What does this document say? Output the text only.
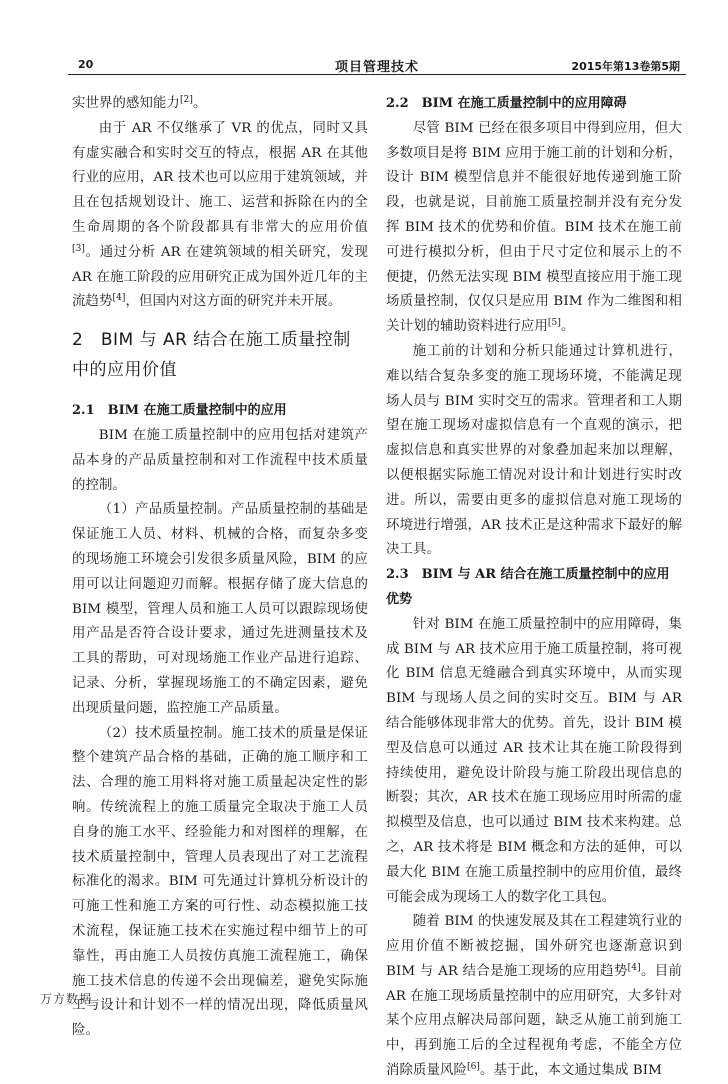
20	项目管理技术	2015年第13卷第5期

实世界的感知能力[2]。

由于 AR 不仅继承了 VR 的优点，同时又具有虚实融合和实时交互的特点，根据 AR 在其他行业的应用，AR 技术也可以应用于建筑领域，并且在包括规划设计、施工、运营和拆除在内的全生命周期的各个阶段都具有非常大的应用价值[3]。通过分析 AR 在建筑领域的相关研究，发现 AR 在施工阶段的应用研究正成为国外近几年的主流趋势[4]，但国内对这方面的研究并未开展。

2　BIM 与 AR 结合在施工质量控制中的应用价值
2.1　BIM 在施工质量控制中的应用

BIM 在施工质量控制中的应用包括对建筑产品本身的产品质量控制和对工作流程中技术质量的控制。

（1）产品质量控制。产品质量控制的基础是保证施工人员、材料、机械的合格，而复杂多变的现场施工环境会引发很多质量风险，BIM 的应用可以让问题迎刃而解。根据存储了庞大信息的 BIM 模型，管理人员和施工人员可以跟踪现场使用产品是否符合设计要求，通过先进测量技术及工具的帮助，可对现场施工作业产品进行追踪、记录、分析，掌握现场施工的不确定因素，避免出现质量问题，监控施工产品质量。

（2）技术质量控制。施工技术的质量是保证整个建筑产品合格的基础，正确的施工顺序和工法、合理的施工用料将对施工质量起决定性的影响。传统流程上的施工质量完全取决于施工人员自身的施工水平、经验能力和对图样的理解，在技术质量控制中，管理人员表现出了对工艺流程标准化的渴求。BIM 可先通过计算机分析设计的可施工性和施工方案的可行性、动态模拟施工技术流程，保证施工技术在实施过程中细节上的可靠性，再由施工人员按仿真施工流程施工，确保施工技术信息的传递不会出现偏差，避免实际施工与设计和计划不一样的情况出现，降低质量风险。

2.2　BIM 在施工质量控制中的应用障碍

尽管 BIM 已经在很多项目中得到应用，但大多数项目是将 BIM 应用于施工前的计划和分析，设计 BIM 模型信息并不能很好地传递到施工阶段，也就是说，目前施工质量控制并没有充分发挥 BIM 技术的优势和价值。BIM 技术在施工前可进行模拟分析，但由于尺寸定位和展示上的不便捷，仍然无法实现 BIM 模型直接应用于施工现场质量控制，仅仅只是应用 BIM 作为二维图和相关计划的辅助资料进行应用[5]。

施工前的计划和分析只能通过计算机进行，难以结合复杂多变的施工现场环境，不能满足现场人员与 BIM 实时交互的需求。管理者和工人期望在施工现场对虚拟信息有一个直观的演示，把虚拟信息和真实世界的对象叠加起来加以理解，以便根据实际施工情况对设计和计划进行实时改进。所以，需要由更多的虚拟信息对施工现场的环境进行增强，AR 技术正是这种需求下最好的解决工具。

2.3　BIM 与 AR 结合在施工质量控制中的应用优势

针对 BIM 在施工质量控制中的应用障碍，集成 BIM 与 AR 技术应用于施工质量控制，将可视化 BIM 信息无缝融合到真实环境中，从而实现 BIM 与现场人员之间的实时交互。BIM 与 AR 结合能够体现非常大的优势。首先，设计 BIM 模型及信息可以通过 AR 技术让其在施工阶段得到持续使用，避免设计阶段与施工阶段出现信息的断裂；其次，AR 技术在施工现场应用时所需的虚拟模型及信息，也可以通过 BIM 技术来构建。总之，AR 技术将是 BIM 概念和方法的延伸，可以最大化 BIM 在施工质量控制中的应用价值，最终可能会成为现场工人的数字化工具包。

随着 BIM 的快速发展及其在工程建筑行业的应用价值不断被挖掘，国外研究也逐渐意识到 BIM 与 AR 结合是施工现场的应用趋势[4]。目前 AR 在施工现场质量控制中的应用研究，大多针对某个应用点解决局部问题，缺乏从施工前到施工中，再到施工后的全过程视角考虑，不能全方位消除质量风险[6]。基于此，本文通过集成 BIM

万方数据
